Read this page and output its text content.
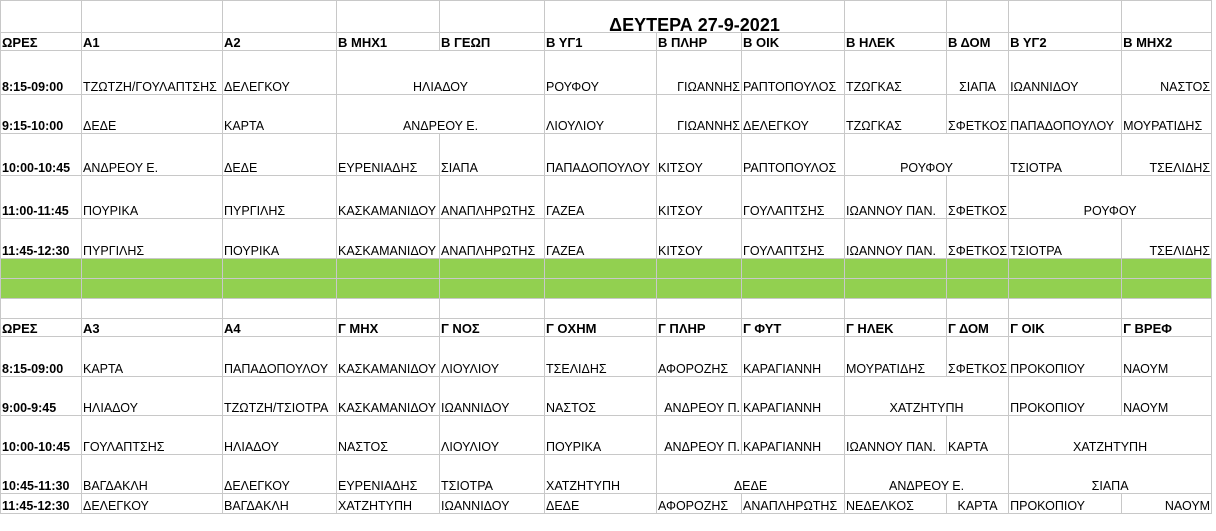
					ΔΕΥΤΕΡΑ 27-9-2021						
ΩΡΕΣ	Α1	Α2	Β ΜΗΧ1	Β ΓΕΩΠ	Β ΥΓ1	Β ΠΛΗΡ	Β ΟΙΚ	Β ΗΛΕΚ	Β ΔΟΜ	Β ΥΓ2	Β ΜΗΧ2
8:15-09:00	ΤΖΩΤΖΗ/ΓΟΥΛΑΠΤΣΗΣ	ΔΕΛΕΓΚΟΥ	ΗΛΙΑΔΟΥ		ΡΟΥΦΟΥ	ΓΙΩΑΝΝΗΣ	ΡΑΠΤΟΠΟΥΛΟΣ	ΤΖΩΓΚΑΣ	ΣΙΑΠΑ	ΙΩΑΝΝΙΔΟΥ	ΝΑΣΤΟΣ
9:15-10:00	ΔΕΔΕ	ΚΑΡΤΑ	ΑΝΔΡΕΟΥ Ε.		ΛΙΟΥΛΙΟΥ	ΓΙΩΑΝΝΗΣ	ΔΕΛΕΓΚΟΥ	ΤΖΩΓΚΑΣ	ΣΦΕΤΚΟΣ	ΠΑΠΑΔΟΠΟΥΛΟΥ	ΜΟΥΡΑΤΙΔΗΣ
10:00-10:45	ΑΝΔΡΕΟΥ Ε.	ΔΕΔΕ	ΕΥΡΕΝΙΑΔΗΣ	ΣΙΑΠΑ	ΠΑΠΑΔΟΠΟΥΛΟΥ	ΚΙΤΣΟΥ	ΡΑΠΤΟΠΟΥΛΟΣ	ΡΟΥΦΟΥ		ΤΣΙΟΤΡΑ	ΤΣΕΛΙΔΗΣ
11:00-11:45	ΠΟΥΡΙΚΑ	ΠΥΡΓΙΛΗΣ	ΚΑΣΚΑΜΑΝΙΔΟΥ	ΑΝΑΠΛΗΡΩΤΗΣ	ΓΑΖΕΑ	ΚΙΤΣΟΥ	ΓΟΥΛΑΠΤΣΗΣ	ΙΩΑΝΝΟΥ ΠΑΝ.	ΣΦΕΤΚΟΣ	ΡΟΥΦΟΥ	
11:45-12:30	ΠΥΡΓΙΛΗΣ	ΠΟΥΡΙΚΑ	ΚΑΣΚΑΜΑΝΙΔΟΥ	ΑΝΑΠΛΗΡΩΤΗΣ	ΓΑΖΕΑ	ΚΙΤΣΟΥ	ΓΟΥΛΑΠΤΣΗΣ	ΙΩΑΝΝΟΥ ΠΑΝ.	ΣΦΕΤΚΟΣ	ΤΣΙΟΤΡΑ	ΤΣΕΛΙΔΗΣ

ΩΡΕΣ	Α3	Α4	Γ ΜΗΧ	Γ ΝΟΣ	Γ ΟΧΗΜ	Γ ΠΛΗΡ	Γ ΦΥΤ	Γ ΗΛΕΚ	Γ ΔΟΜ	Γ ΟΙΚ	Γ ΒΡΕΦ
8:15-09:00	ΚΑΡΤΑ	ΠΑΠΑΔΟΠΟΥΛΟΥ	ΚΑΣΚΑΜΑΝΙΔΟΥ	ΛΙΟΥΛΙΟΥ	ΤΣΕΛΙΔΗΣ	ΑΦΟΡΟΖΗΣ	ΚΑΡΑΓΙΑΝΝΗ	ΜΟΥΡΑΤΙΔΗΣ	ΣΦΕΤΚΟΣ	ΠΡΟΚΟΠΙΟΥ	ΝΑΟΥΜ
9:00-9:45	ΗΛΙΑΔΟΥ	ΤΖΩΤΖΗ/ΤΣΙΟΤΡΑ	ΚΑΣΚΑΜΑΝΙΔΟΥ	ΙΩΑΝΝΙΔΟΥ	ΝΑΣΤΟΣ	ΑΝΔΡΕΟΥ Π.	ΚΑΡΑΓΙΑΝΝΗ	ΧΑΤΖΗΤΥΠΗ		ΠΡΟΚΟΠΙΟΥ	ΝΑΟΥΜ
10:00-10:45	ΓΟΥΛΑΠΤΣΗΣ	ΗΛΙΑΔΟΥ	ΝΑΣΤΟΣ	ΛΙΟΥΛΙΟΥ	ΠΟΥΡΙΚΑ	ΑΝΔΡΕΟΥ Π.	ΚΑΡΑΓΙΑΝΝΗ	ΙΩΑΝΝΟΥ ΠΑΝ.	ΚΑΡΤΑ	ΧΑΤΖΗΤΥΠΗ	
10:45-11:30	ΒΑΓΔΑΚΛΗ	ΔΕΛΕΓΚΟΥ	ΕΥΡΕΝΙΑΔΗΣ	ΤΣΙΟΤΡΑ	ΧΑΤΖΗΤΥΠΗ	ΔΕΔΕ		ΑΝΔΡΕΟΥ Ε.		ΣΙΑΠΑ	
11:45-12:30	ΔΕΛΕΓΚΟΥ	ΒΑΓΔΑΚΛΗ	ΧΑΤΖΗΤΥΠΗ	ΙΩΑΝΝΙΔΟΥ	ΔΕΔΕ	ΑΦΟΡΟΖΗΣ	ΑΝΑΠΛΗΡΩΤΗΣ	ΝΕΔΕΛΚΟΣ	ΚΑΡΤΑ	ΠΡΟΚΟΠΙΟΥ	ΝΑΟΥΜ
